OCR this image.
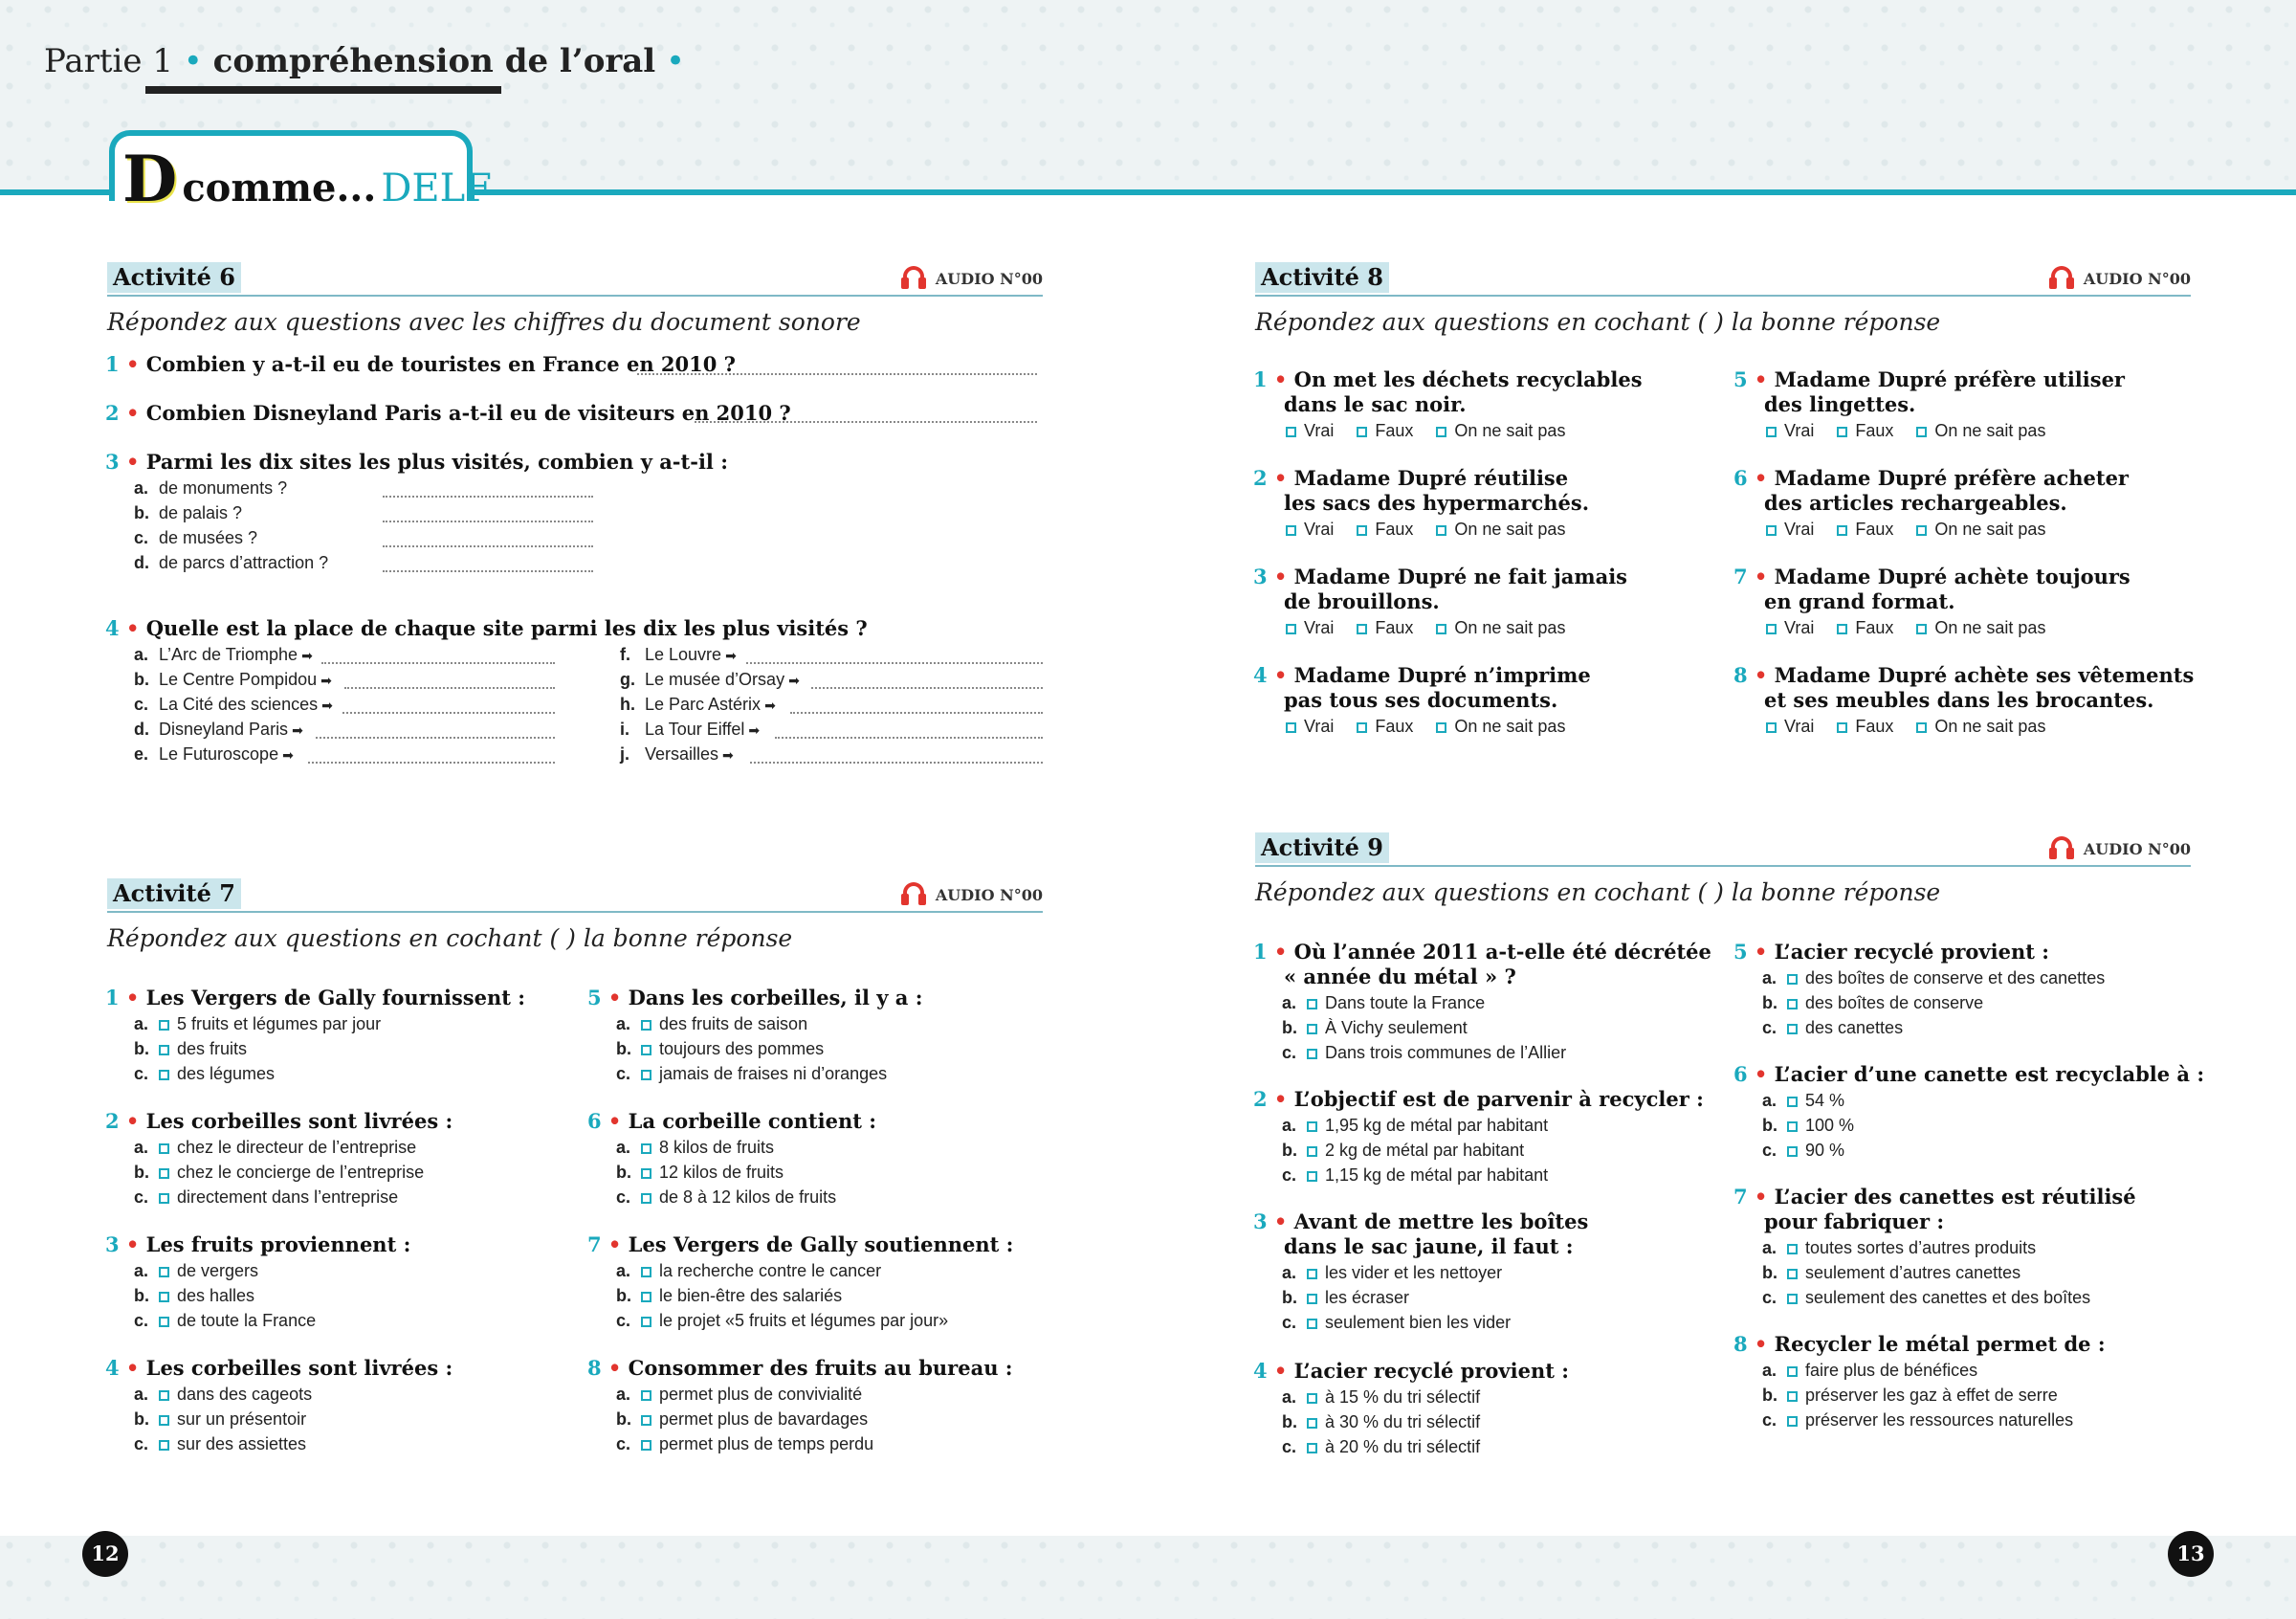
Partie 1 • compréhension de l’oral •
D comme... DELF
Activité 6	AUDIO N°00
Répondez aux questions avec les chiffres du document sonore
1 • Combien y a-t-il eu de touristes en France en 2010 ?
2 • Combien Disneyland Paris a-t-il eu de visiteurs en 2010 ?
3 • Parmi les dix sites les plus visités, combien y a-t-il :
a. de monuments ?
b. de palais ?
c. de musées ?
d. de parcs d’attraction ?
4 • Quelle est la place de chaque site parmi les dix les plus visités ?
a. L’Arc de Triomphe ➡
b. Le Centre Pompidou ➡
c. La Cité des sciences ➡
d. Disneyland Paris ➡
e. Le Futuroscope ➡
f. Le Louvre ➡
g. Le musée d’Orsay ➡
h. Le Parc Astérix ➡
i. La Tour Eiffel ➡
j. Versailles ➡
Activité 7	AUDIO N°00
Répondez aux questions en cochant ( ) la bonne réponse
1 • Les Vergers de Gally fournissent :
a. 5 fruits et légumes par jour
b. des fruits
c. des légumes
2 • Les corbeilles sont livrées :
a. chez le directeur de l’entreprise
b. chez le concierge de l’entreprise
c. directement dans l’entreprise
3 • Les fruits proviennent :
a. de vergers
b. des halles
c. de toute la France
4 • Les corbeilles sont livrées :
a. dans des cageots
b. sur un présentoir
c. sur des assiettes
5 • Dans les corbeilles, il y a :
a. des fruits de saison
b. toujours des pommes
c. jamais de fraises ni d’oranges
6 • La corbeille contient :
a. 8 kilos de fruits
b. 12 kilos de fruits
c. de 8 à 12 kilos de fruits
7 • Les Vergers de Gally soutiennent :
a. la recherche contre le cancer
b. le bien-être des salariés
c. le projet «5 fruits et légumes par jour»
8 • Consommer des fruits au bureau :
a. permet plus de convivialité
b. permet plus de bavardages
c. permet plus de temps perdu
Activité 8	AUDIO N°00
Répondez aux questions en cochant ( ) la bonne réponse
1 • On met les déchets recyclables
dans le sac noir.
Vrai Faux On ne sait pas
2 • Madame Dupré réutilise
les sacs des hypermarchés.
Vrai Faux On ne sait pas
3 • Madame Dupré ne fait jamais
de brouillons.
Vrai Faux On ne sait pas
4 • Madame Dupré n’imprime
pas tous ses documents.
Vrai Faux On ne sait pas
5 • Madame Dupré préfère utiliser
des lingettes.
Vrai Faux On ne sait pas
6 • Madame Dupré préfère acheter
des articles rechargeables.
Vrai Faux On ne sait pas
7 • Madame Dupré achète toujours
en grand format.
Vrai Faux On ne sait pas
8 • Madame Dupré achète ses vêtements
et ses meubles dans les brocantes.
Vrai Faux On ne sait pas
Activité 9	AUDIO N°00
Répondez aux questions en cochant ( ) la bonne réponse
1 • Où l’année 2011 a-t-elle été décrétée
« année du métal » ?
a. Dans toute la France
b. À Vichy seulement
c. Dans trois communes de l’Allier
2 • L’objectif est de parvenir à recycler :
a. 1,95 kg de métal par habitant
b. 2 kg de métal par habitant
c. 1,15 kg de métal par habitant
3 • Avant de mettre les boîtes
dans le sac jaune, il faut :
a. les vider et les nettoyer
b. les écraser
c. seulement bien les vider
4 • L’acier recyclé provient :
a. à 15 % du tri sélectif
b. à 30 % du tri sélectif
c. à 20 % du tri sélectif
5 • L’acier recyclé provient :
a. des boîtes de conserve et des canettes
b. des boîtes de conserve
c. des canettes
6 • L’acier d’une canette est recyclable à :
a. 54 %
b. 100 %
c. 90 %
7 • L’acier des canettes est réutilisé
pour fabriquer :
a. toutes sortes d’autres produits
b. seulement d’autres canettes
c. seulement des canettes et des boîtes
8 • Recycler le métal permet de :
a. faire plus de bénéfices
b. préserver les gaz à effet de serre
c. préserver les ressources naturelles
12	13
